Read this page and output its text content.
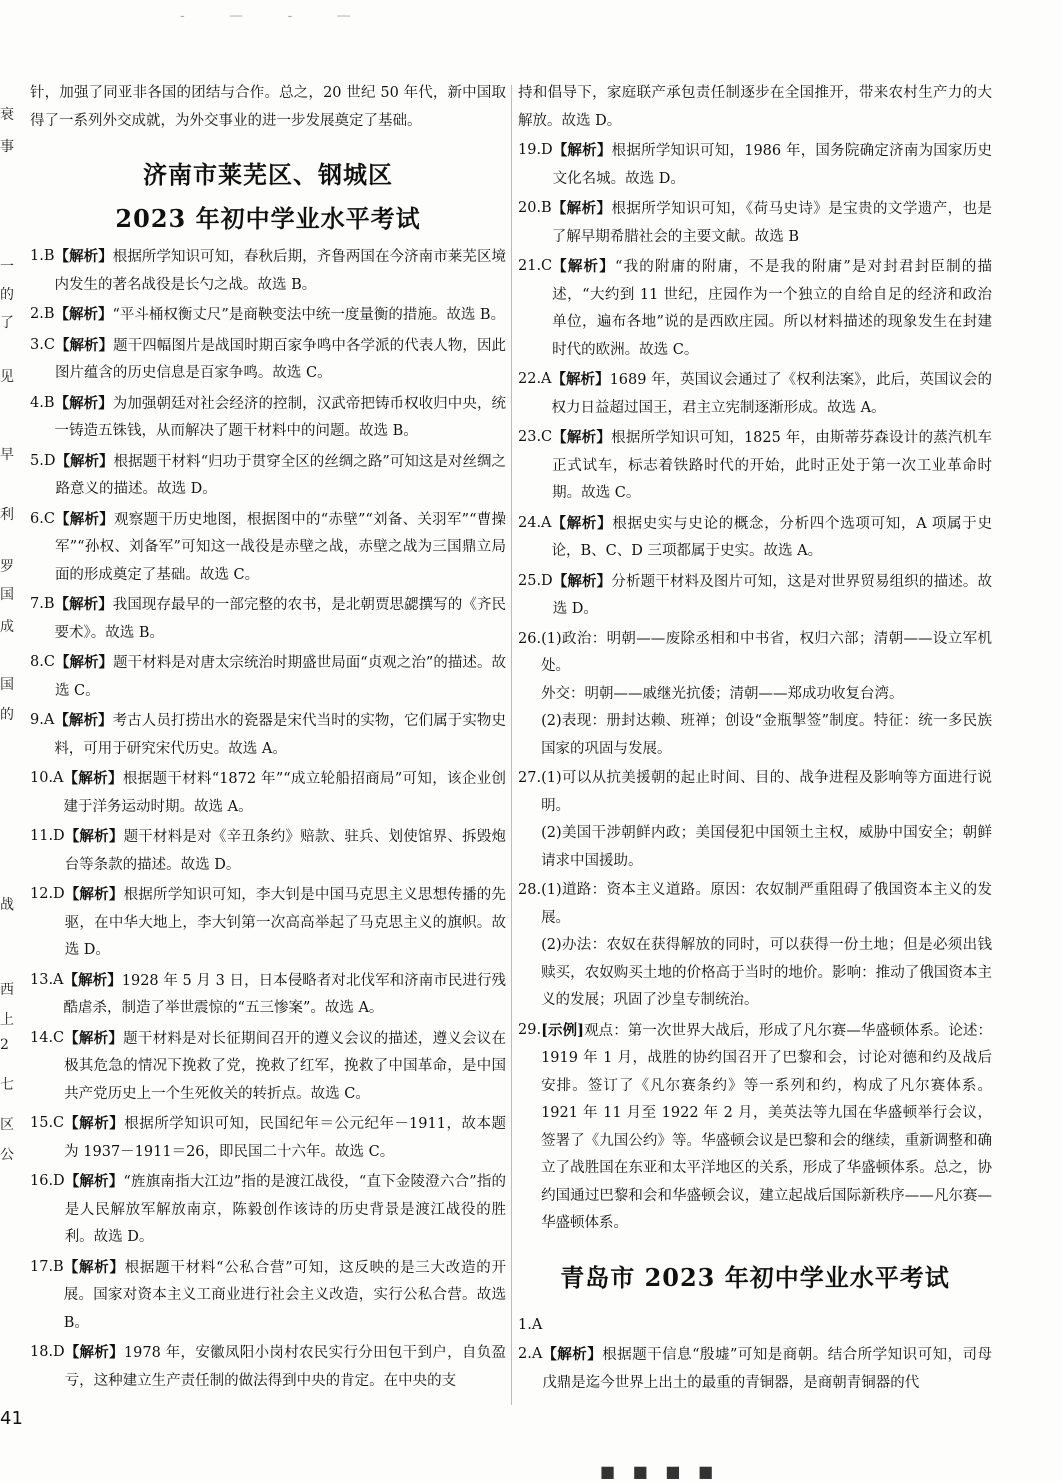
- — - —
衰
事
一
的
了
见
早
利
罗
国
成
国
的
战
西
上
2
七
区
公

针，加强了同亚非各国的团结与合作。总之，20 世纪 50 年代，新中国取得了一系列外交成就，为外交事业的进一步发展奠定了基础。

济南市莱芜区、钢城区
2023 年初中学业水平考试
1.B 【解析】根据所学知识可知，春秋后期，齐鲁两国在今济南市莱芜区境内发生的著名战役是长勺之战。故选 B。
2.B 【解析】“平斗桶权衡丈尺”是商鞅变法中统一度量衡的措施。故选 B。
3.C 【解析】题干四幅图片是战国时期百家争鸣中各学派的代表人物，因此图片蕴含的历史信息是百家争鸣。故选 C。
4.B 【解析】为加强朝廷对社会经济的控制，汉武帝把铸币权收归中央，统一铸造五铢钱，从而解决了题干材料中的问题。故选 B。
5.D 【解析】根据题干材料“归功于贯穿全区的丝绸之路”可知这是对丝绸之路意义的描述。故选 D。
6.C 【解析】观察题干历史地图，根据图中的“赤壁”“刘备、关羽军”“曹操军”“孙权、刘备军”可知这一战役是赤壁之战，赤壁之战为三国鼎立局面的形成奠定了基础。故选 C。
7.B 【解析】我国现存最早的一部完整的农书，是北朝贾思勰撰写的《齐民要术》。故选 B。
8.C 【解析】题干材料是对唐太宗统治时期盛世局面“贞观之治”的描述。故选 C。
9.A 【解析】考古人员打捞出水的瓷器是宋代当时的实物，它们属于实物史料，可用于研究宋代历史。故选 A。
10.A 【解析】根据题干材料“1872 年”“成立轮船招商局”可知，该企业创建于洋务运动时期。故选 A。
11.D 【解析】题干材料是对《辛丑条约》赔款、驻兵、划使馆界、拆毁炮台等条款的描述。故选 D。
12.D 【解析】根据所学知识可知，李大钊是中国马克思主义思想传播的先驱，在中华大地上，李大钊第一次高高举起了马克思主义的旗帜。故选 D。
13.A 【解析】1928 年 5 月 3 日，日本侵略者对北伐军和济南市民进行残酷虐杀，制造了举世震惊的“五三惨案”。故选 A。
14.C 【解析】题干材料是对长征期间召开的遵义会议的描述，遵义会议在极其危急的情况下挽救了党，挽救了红军，挽救了中国革命，是中国共产党历史上一个生死攸关的转折点。故选 C。
15.C 【解析】根据所学知识可知，民国纪年＝公元纪年－1911，故本题为 1937－1911＝26，即民国二十六年。故选 C。
16.D 【解析】“旌旗南指大江边”指的是渡江战役，“直下金陵澄六合”指的是人民解放军解放南京，陈毅创作该诗的历史背景是渡江战役的胜利。故选 D。
17.B 【解析】根据题干材料“公私合营”可知，这反映的是三大改造的开展。国家对资本主义工商业进行社会主义改造，实行公私合营。故选 B。
18.D 【解析】1978 年，安徽凤阳小岗村农民实行分田包干到户，自负盈亏，这种建立生产责任制的做法得到中央的肯定。在中央的支

持和倡导下，家庭联产承包责任制逐步在全国推开，带来农村生产力的大解放。故选 D。

19.D 【解析】根据所学知识可知，1986 年，国务院确定济南为国家历史文化名城。故选 D。
20.B 【解析】根据所学知识可知，《荷马史诗》是宝贵的文学遗产，也是了解早期希腊社会的主要文献。故选 B
21.C 【解析】“我的附庸的附庸，不是我的附庸”是对封君封臣制的描述，“大约到 11 世纪，庄园作为一个独立的自给自足的经济和政治单位，遍布各地”说的是西欧庄园。所以材料描述的现象发生在封建时代的欧洲。故选 C。
22.A 【解析】1689 年，英国议会通过了《权利法案》，此后，英国议会的权力日益超过国王，君主立宪制逐渐形成。故选 A。
23.C 【解析】根据所学知识可知，1825 年，由斯蒂芬森设计的蒸汽机车正式试车，标志着铁路时代的开始，此时正处于第一次工业革命时期。故选 C。
24.A 【解析】根据史实与史论的概念，分析四个选项可知，A 项属于史论，B、C、D 三项都属于史实。故选 A。
25.D 【解析】分析题干材料及图片可知，这是对世界贸易组织的描述。故选 D。
26. (1)政治：明朝——废除丞相和中书省，权归六部；清朝——设立军机处。
外交：明朝——戚继光抗倭；清朝——郑成功收复台湾。
(2)表现：册封达赖、班禅；创设“金瓶掣签”制度。特征：统一多民族国家的巩固与发展。
27. (1)可以从抗美援朝的起止时间、目的、战争进程及影响等方面进行说明。
(2)美国干涉朝鲜内政；美国侵犯中国领土主权，威胁中国安全；朝鲜请求中国援助。
28. (1)道路：资本主义道路。原因：农奴制严重阻碍了俄国资本主义的发展。
(2)办法：农奴在获得解放的同时，可以获得一份土地；但是必须出钱赎买，农奴购买土地的价格高于当时的地价。影响：推动了俄国资本主义的发展；巩固了沙皇专制统治。
29. [示例]观点：第一次世界大战后，形成了凡尔赛—华盛顿体系。论述：1919 年 1 月，战胜的协约国召开了巴黎和会，讨论对德和约及战后安排。签订了《凡尔赛条约》等一系列和约，构成了凡尔赛体系。1921 年 11 月至 1922 年 2 月，美英法等九国在华盛顿举行会议，签署了《九国公约》等。华盛顿会议是巴黎和会的继续，重新调整和确立了战胜国在东亚和太平洋地区的关系，形成了华盛顿体系。总之，协约国通过巴黎和会和华盛顿会议，建立起战后国际新秩序——凡尔赛—华盛顿体系。
青岛市 2023 年初中学业水平考试
1.A
2.A 【解析】根据题干信息“殷墟”可知是商朝。结合所学知识可知，司母戊鼎是迄今世界上出土的最重的青铜器，是商朝青铜器的代
41
■ ■ ■ ■
